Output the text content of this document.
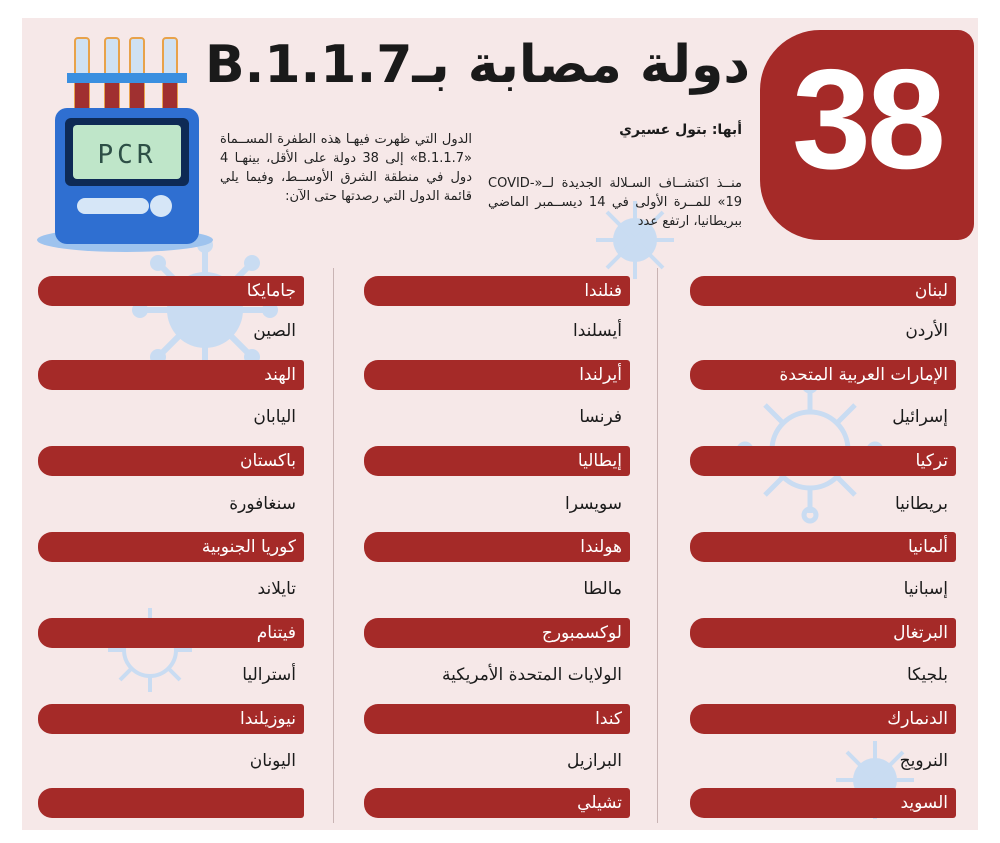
PCR	38
دولة مصابة بـB.1.1.7
أبها: بتول عسيري
منــذ اكتشــاف السـلالة الجديدة لــ«COVID-19» للمــرة الأولى في 14 ديســمبر الماضي ببريطانيا، ارتفع عدد
الدول التي ظهرت فيهـا هذه الطفرة المســماة «B.1.1.7» إلى 38 دولة على الأقل، بينهـا 4 دول في منطقة الشرق الأوســط، وفيما يلي قائمة الدول التي رصدتها حتى الآن:
لبنان
الأردن
الإمارات العربية المتحدة
إسرائيل
تركيا
بريطانيا
ألمانيا
إسبانيا
البرتغال
بلجيكا
الدنمارك
النرويج
السويد
فنلندا
أيسلندا
أيرلندا
فرنسا
إيطاليا
سويسرا
هولندا
مالطا
لوكسمبورج
الولايات المتحدة الأمريكية
كندا
البرازيل
تشيلي
جامايكا
الصين
الهند
اليابان
باكستان
سنغافورة
كوريا الجنوبية
تايلاند
فيتنام
أستراليا
نيوزيلندا
اليونان
